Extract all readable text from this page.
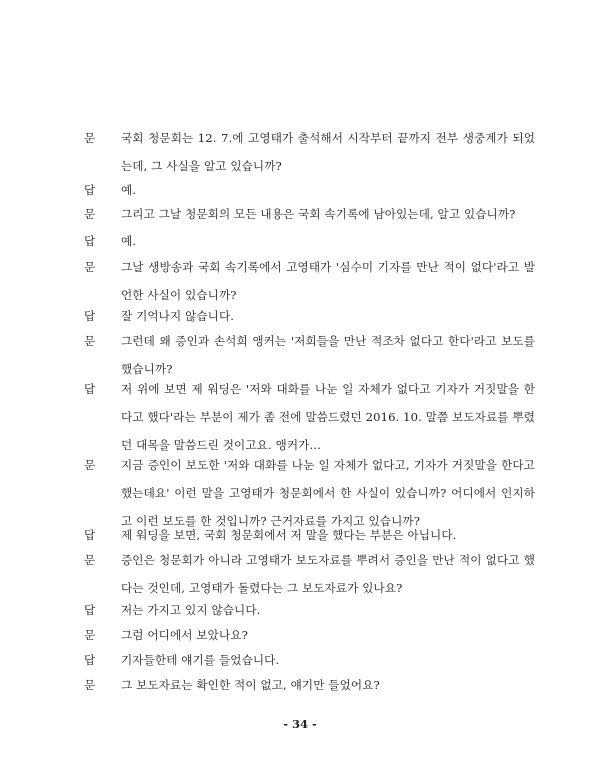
문	국회 청문회는 12. 7.에 고영태가 출석해서 시작부터 끝까지 전부 생중계가 되었는데, 그 사실을 알고 있습니까?
답	예.
문	그리고 그날 청문회의 모든 내용은 국회 속기록에 남아있는데, 알고 있습니까?
답	예.
문	그날 생방송과 국회 속기록에서 고영태가 '심수미 기자를 만난 적이 없다'라고 발언한 사실이 있습니까?
답	잘 기억나지 않습니다.
문	그런데 왜 증인과 손석희 앵커는 '저희들을 만난 적조차 없다고 한다'라고 보도를 했습니까?
답	저 위에 보면 제 워딩은 '저와 대화를 나눈 일 자체가 없다고 기자가 거짓말을 한다고 했다'라는 부분이 제가 좀 전에 말씀드렸던 2016. 10. 말쯤 보도자료를 뿌렸던 대목을 말씀드린 것이고요. 앵커가…
문	지금 증인이 보도한 '저와 대화를 나눈 일 자체가 없다고, 기자가 거짓말을 한다고 했는데요' 이런 말을 고영태가 청문회에서 한 사실이 있습니까? 어디에서 인지하고 이런 보도를 한 것입니까? 근거자료를 가지고 있습니까?
답	제 워딩을 보면, 국회 청문회에서 저 말을 했다는 부분은 아닙니다.
문	증인은 청문회가 아니라 고영태가 보도자료를 뿌려서 증인을 만난 적이 없다고 했다는 것인데, 고영태가 돌렸다는 그 보도자료가 있나요?
답	저는 가지고 있지 않습니다.
문	그럼 어디에서 보았나요?
답	기자들한테 얘기를 들었습니다.
문	그 보도자료는 확인한 적이 없고, 얘기만 들었어요?
- 34 -
